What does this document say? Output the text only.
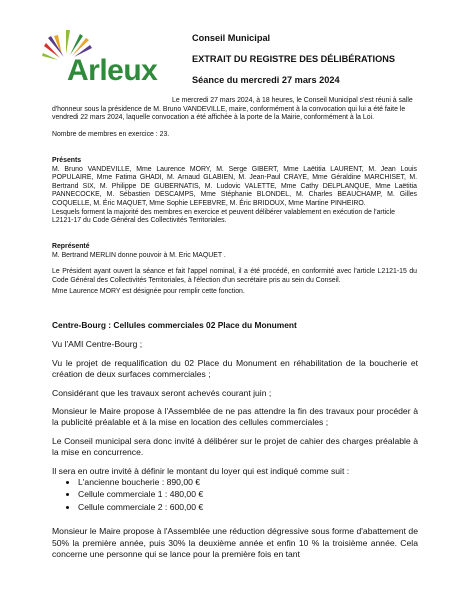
Arleux
Conseil Municipal
EXTRAIT DU REGISTRE DES DÉLIBÉRATIONS
Séance du mercredi 27 mars 2024
Le mercredi 27 mars 2024, à 18 heures, le Conseil Municipal s'est réuni à salle d'honneur sous la présidence de M. Bruno VANDEVILLE, maire, conformément à la convocation qui lui a été faite le vendredi 22 mars 2024, laquelle convocation a été affichée à la porte de la Mairie, conformément à la Loi.
Nombre de membres en exercice : 23.
Présents
M. Bruno VANDEVILLE, Mme Laurence MORY, M. Serge GIBERT, Mme Laëtitia LAURENT, M. Jean Louis POPULAIRE, Mme Fatima GHADI, M. Arnaud GLABIEN, M. Jean-Paul CRAYE, Mme Géraldine MARCHISET, M. Bertrand SIX, M. Philippe DE GUBERNATIS, M. Ludovic VALETTE, Mme Cathy DELPLANQUE, Mme Laëtitia PANNECOCKE, M. Sébastien DESCAMPS, Mme Stéphanie BLONDEL, M. Charles BEAUCHAMP, M. Gilles COQUELLE, M. Éric MAQUET, Mme Sophie LEFEBVRE, M. Éric BRIDOUX, Mme Martine PINHEIRO.
Lesquels forment la majorité des membres en exercice et peuvent délibérer valablement en exécution de l'article L2121-17 du Code Général des Collectivités Territoriales.
Représenté
M. Bertrand MERLIN donne pouvoir à M. Eric MAQUET .
Le Président ayant ouvert la séance et fait l'appel nominal, il a été procédé, en conformité avec l'article L2121-15 du Code Général des Collectivités Territoriales, à l'élection d'un secrétaire pris au sein du Conseil.
Mme Laurence MORY est désignée pour remplir cette fonction.

Centre-Bourg : Cellules commerciales 02 Place du Monument

Vu l'AMI Centre-Bourg ;

Vu le projet de requalification du 02 Place du Monument en réhabilitation de la boucherie et création de deux surfaces commerciales ;

Considérant que les travaux seront achevés courant juin ;

Monsieur le Maire propose à l'Assemblée de ne pas attendre la fin des travaux pour procéder à la publicité préalable et à la mise en location des cellules commerciales ;

Le Conseil municipal sera donc invité à délibérer sur le projet de cahier des charges préalable à la mise en concurrence.

Il sera en outre invité à définir le montant du loyer qui est indiqué comme suit :

• L'ancienne boucherie : 890,00 €
• Cellule commerciale 1 : 480,00 €
• Cellule commerciale 2 : 600,00 €

Monsieur le Maire propose à l'Assemblée une réduction dégressive sous forme d'abattement de 50% la première année, puis 30% la deuxième année et enfin 10 % la troisième année. Cela concerne une personne qui se lance pour la première fois en tant
